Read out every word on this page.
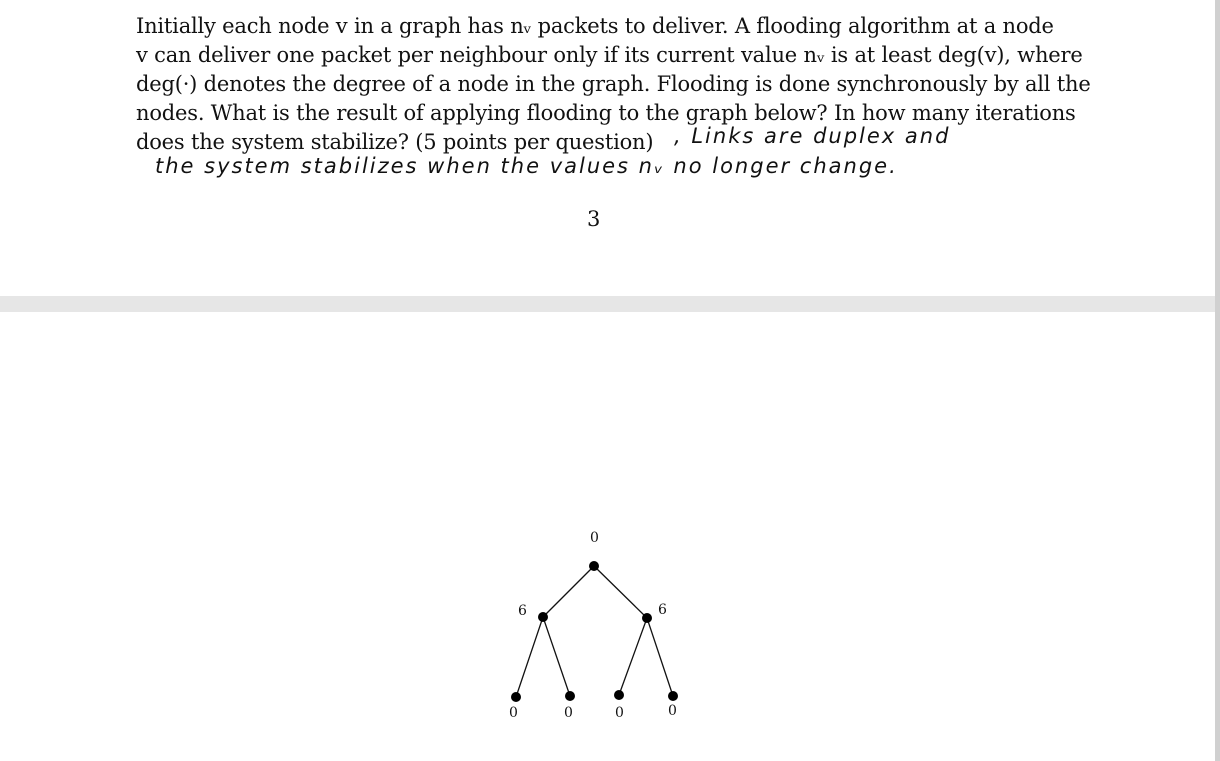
Initially each node v in a graph has nᵥ packets to deliver. A flooding algorithm at a node
v can deliver one packet per neighbour only if its current value nᵥ is at least deg(v), where
deg(·) denotes the degree of a node in the graph. Flooding is done synchronously by all the
nodes. What is the result of applying flooding to the graph below? In how many iterations
does the system stabilize? (5 points per question) , Links are duplex and
the system stabilizes when the values nᵥ no longer change.
3
0
6	6
0	0	0	0
